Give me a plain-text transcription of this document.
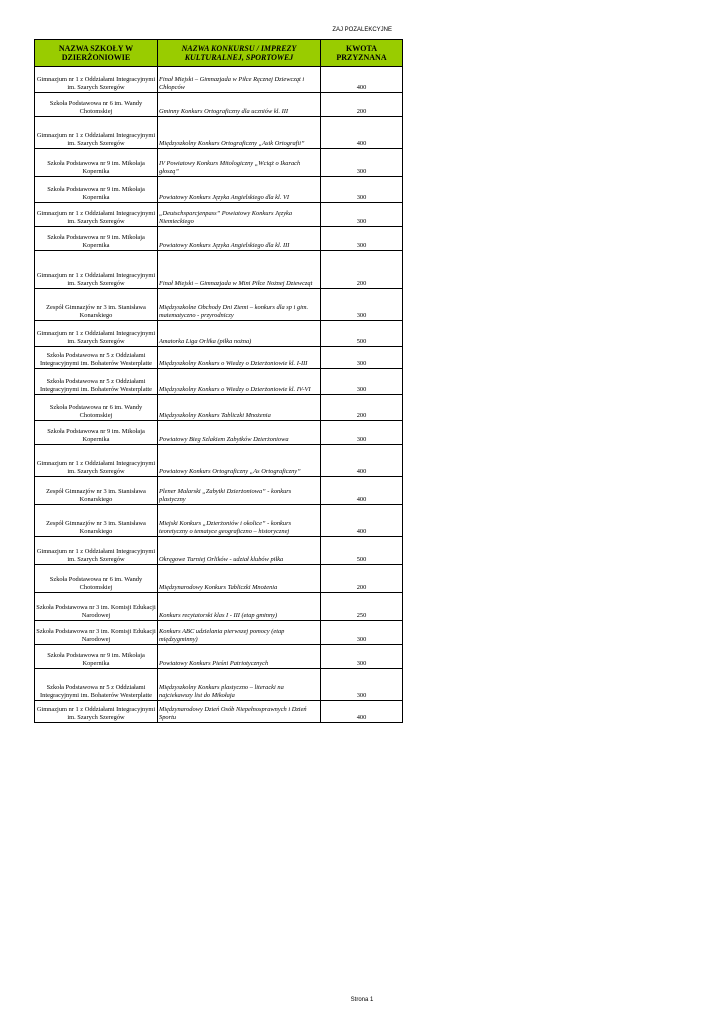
ZAJ POZALEKCYJNE
NAZWA SZKOŁY W DZIERŻONIOWIE	NAZWA KONKURSU / IMPREZY KULTURALNEJ, SPORTOWEJ	KWOTA PRZYZNANA
Gimnazjum nr 1 z Oddziałami Integracyjnymi im. Szarych Szeregów	Finał Miejski – Gimnazjada w Piłce Ręcznej Dziewcząt i Chłopców	400
Szkoła Podstawowa nr 6 im. Wandy Chotomskiej	Gminny Konkurs Ortograficzny dla uczniów kl. III	200
Gimnazjum nr 1 z Oddziałami Integracyjnymi im. Szarych Szeregów	Międzyszkolny Konkurs Ortograficzny „Asik Ortografii”	400
Szkoła Podstawowa nr 9 im. Mikołaja Kopernika	IV Powiatowy Konkurs Mitologiczny „Wciąż o Ikarach głoszą”	300
Szkoła Podstawowa nr 9 im. Mikołaja Kopernika	Powiatowy Konkurs Języka Angielskiego dla kl. VI	300
Gimnazjum nr 1 z Oddziałami Integracyjnymi im. Szarych Szeregów	„Deutschsparcjenpass” Powiatowy Konkurs Języka Niemieckiego	300
Szkoła Podstawowa nr 9 im. Mikołaja Kopernika	Powiatowy Konkurs Języka Angielskiego dla kl. III	300
Gimnazjum nr 1 z Oddziałami Integracyjnymi im. Szarych Szeregów	Finał Miejski – Gimnazjada w Mini Piłce Nożnej Dziewcząt	200
Zespół Gimnazjów nr 3 im. Stanisława Konarskiego	Międzyszkolne Obchody Dni Ziemi – konkurs dla sp i gim. matematyczno - przyrodniczy	300
Gimnazjum nr 1 z Oddziałami Integracyjnymi im. Szarych Szeregów	Amatorka Liga Orlika (piłka nożna)	500
Szkoła Podstawowa nr 5 z Oddziałami Integracyjnymi im. Bohaterów Westerplatte	Międzyszkolny Konkurs o Wiedzy o Dzierżoniowie kl. I-III	300
Szkoła Podstawowa nr 5 z Oddziałami Integracyjnymi im. Bohaterów Westerplatte	Międzyszkolny Konkurs o Wiedzy o Dzierżoniowie kl. IV-VI	300
Szkoła Podstawowa nr 6 im. Wandy Chotomskiej	Międzyszkolny Konkurs Tabliczki Mnożenia	200
Szkoła Podstawowa nr 9 im. Mikołaja Kopernika	Powiatowy Bieg Szlakiem Zabytków Dzierżoniowa	300
Gimnazjum nr 1 z Oddziałami Integracyjnymi im. Szarych Szeregów	Powiatowy Konkurs Ortograficzny „As Ortograficzny”	400
Zespół Gimnazjów nr 3 im. Stanisława Konarskiego	Plener Malarski „Zabytki Dzierżoniowa” - konkurs plastyczny	400
Zespół Gimnazjów nr 3 im. Stanisława Konarskiego	Miejski Konkurs „Dzierżoniów i okolice” - konkurs teoretyczny o tematyce geograficzno – historycznej	400
Gimnazjum nr 1 z Oddziałami Integracyjnymi im. Szarych Szeregów	Okręgowe Turniej Orlików - udział klubów piłka	500
Szkoła Podstawowa nr 6 im. Wandy Chotomskiej	Międzynarodowy Konkurs Tabliczki Mnożenia	200
Szkoła Podstawowa nr 3 im. Komisji Edukacji Narodowej	Konkurs recytatorski klas I - III (etap gminny)	250
Szkoła Podstawowa nr 3 im. Komisji Edukacji Narodowej	Konkurs ABC udzielania pierwszej pomocy (etap międzygminny)	300
Szkoła Podstawowa nr 9 im. Mikołaja Kopernika	Powiatowy Konkurs Pieśni Patriotycznych	300
Szkoła Podstawowa nr 5 z Oddziałami Integracyjnymi im. Bohaterów Westerplatte	Międzyszkolny Konkurs plastyczno – literacki na najciekawszy list do Mikołaja	300
Gimnazjum nr 1 z Oddziałami Integracyjnymi im. Szarych Szeregów	Międzynarodowy Dzień Osób Niepełnosprawnych i Dzień Sportu	400
Strona 1
